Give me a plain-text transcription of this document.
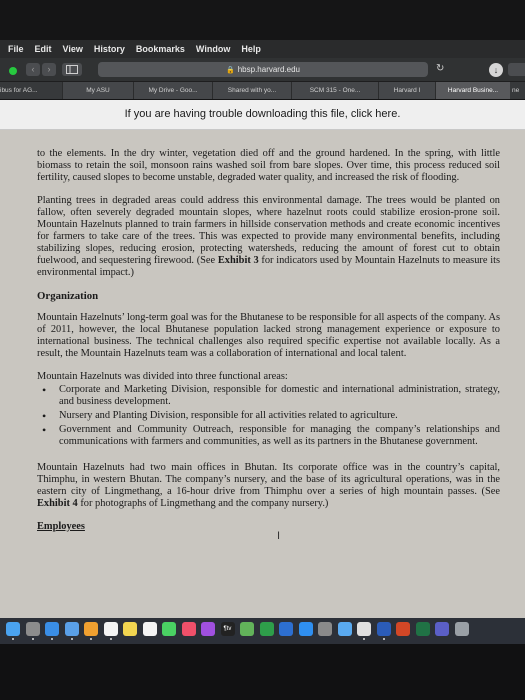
File Edit View History Bookmarks Window Help
‹	›	🔒 hbsp.harvard.edu	↻	↓
ibus for AG...	My ASU	My Drive - Goo...	Shared with yo...	SCM 315 - One...	Harvard I	Harvard Busine...	ne
If you are having trouble downloading this file, click here.

to the elements. In the dry winter, vegetation died off and the ground hardened. In the spring, with little biomass to retain the soil, monsoon rains washed soil from bare slopes. Over time, this process reduced soil fertility, caused slopes to become unstable, degraded water quality, and increased the risk of flooding.

Planting trees in degraded areas could address this environmental damage. The trees would be planted on fallow, often severely degraded mountain slopes, where hazelnut roots could stabilize erosion-prone soil. Mountain Hazelnuts planned to train farmers in hillside conservation methods and create economic incentives for farmers to take care of the trees. This was expected to provide many environmental benefits, including stabilizing slopes, reducing erosion, protecting watersheds, reducing the amount of forest cut to obtain fuelwood, and sequestering firewood. (See Exhibit 3 for indicators used by Mountain Hazelnuts to measure its environmental impact.)

Organization

Mountain Hazelnuts’ long-term goal was for the Bhutanese to be responsible for all aspects of the company. As of 2011, however, the local Bhutanese population lacked strong management experience or exposure to international business. The technical challenges also required specific expertise not available locally. As a result, the Mountain Hazelnuts team was a collaboration of international and local talent.

Mountain Hazelnuts was divided into three functional areas:

• Corporate and Marketing Division, responsible for domestic and international administration, strategy, and business development.
• Nursery and Planting Division, responsible for all activities related to agriculture.
• Government and Community Outreach, responsible for managing the company’s relationships and communications with farmers and communities, as well as its partners in the Bhutanese government.

Mountain Hazelnuts had two main offices in Bhutan. Its corporate office was in the country’s capital, Thimphu, in western Bhutan. The company’s nursery, and the base of its agricultural operations, was in the eastern city of Lingmethang, a 16-hour drive from Thimphu over a series of high mountain passes. (See Exhibit 4 for photographs of Lingmethang and the company nursery.)

Employees
I
¶tv
